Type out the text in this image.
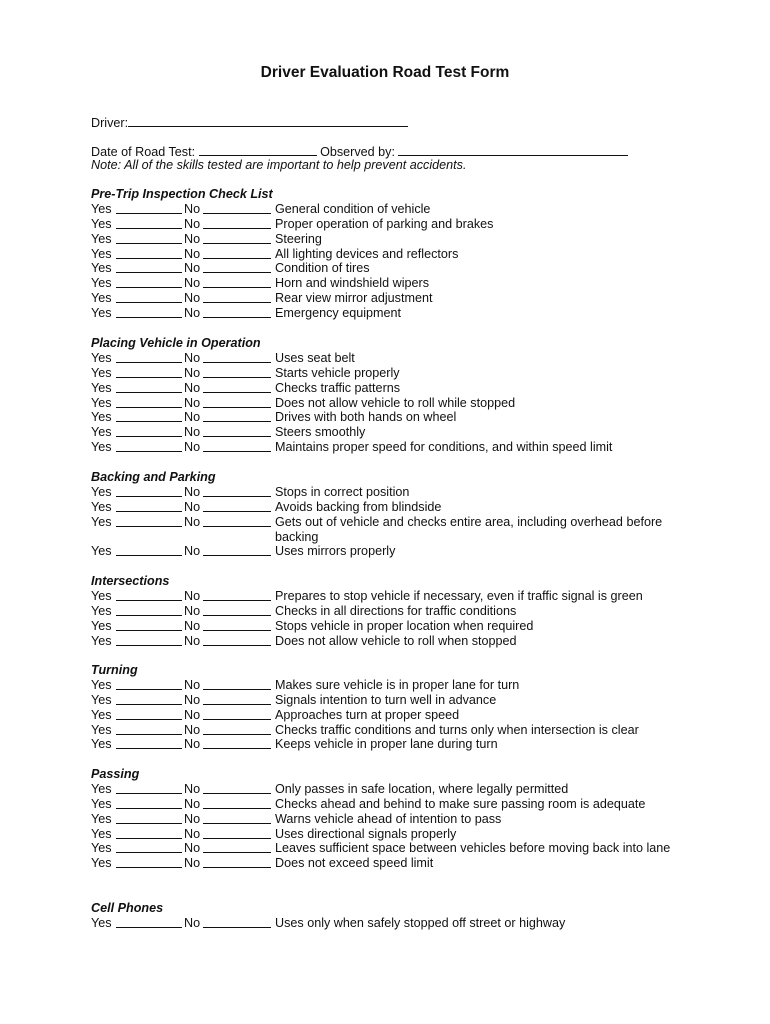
Driver Evaluation Road Test Form
Driver:
Date of Road Test:	Observed by:
Note: All of the skills tested are important to help prevent accidents.
Pre-Trip Inspection Check List
Yes	No	General condition of vehicle
Yes	No	Proper operation of parking and brakes
Yes	No	Steering
Yes	No	All lighting devices and reflectors
Yes	No	Condition of tires
Yes	No	Horn and windshield wipers
Yes	No	Rear view mirror adjustment
Yes	No	Emergency equipment
Placing Vehicle in Operation
Yes	No	Uses seat belt
Yes	No	Starts vehicle properly
Yes	No	Checks traffic patterns
Yes	No	Does not allow vehicle to roll while stopped
Yes	No	Drives with both hands on wheel
Yes	No	Steers smoothly
Yes	No	Maintains proper speed for conditions, and within speed limit
Backing and Parking
Yes	No	Stops in correct position
Yes	No	Avoids backing from blindside
Yes	No	Gets out of vehicle and checks entire area, including overhead before backing
Yes	No	Uses mirrors properly
Intersections
Yes	No	Prepares to stop vehicle if necessary, even if traffic signal is green
Yes	No	Checks in all directions for traffic conditions
Yes	No	Stops vehicle in proper location when required
Yes	No	Does not allow vehicle to roll when stopped
Turning
Yes	No	Makes sure vehicle is in proper lane for turn
Yes	No	Signals intention to turn well in advance
Yes	No	Approaches turn at proper speed
Yes	No	Checks traffic conditions and turns only when intersection is clear
Yes	No	Keeps vehicle in proper lane during turn
Passing
Yes	No	Only passes in safe location, where legally permitted
Yes	No	Checks ahead and behind to make sure passing room is adequate
Yes	No	Warns vehicle ahead of intention to pass
Yes	No	Uses directional signals properly
Yes	No	Leaves sufficient space between vehicles before moving back into lane
Yes	No	Does not exceed speed limit
Cell Phones
Yes	No	Uses only when safely stopped off street or highway
